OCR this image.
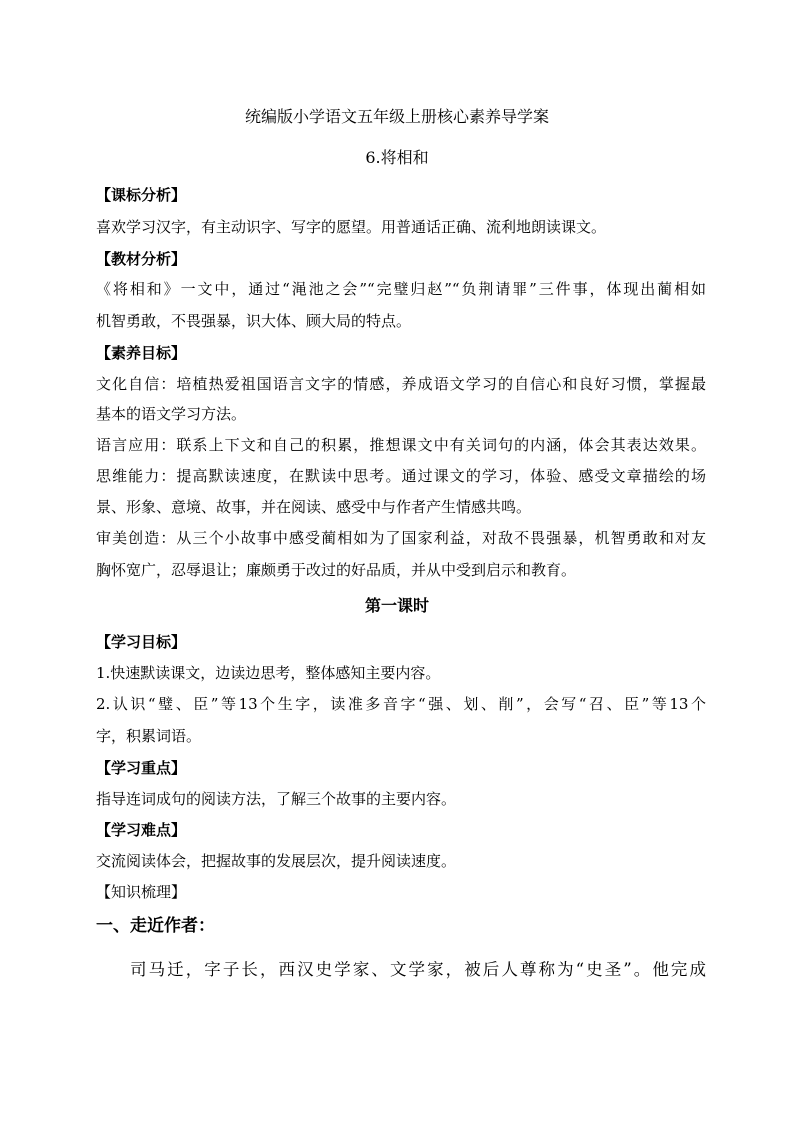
统编版小学语文五年级上册核心素养导学案
6.将相和
【课标分析】
喜欢学习汉字，有主动识字、写字的愿望。用普通话正确、流利地朗读课文。
【教材分析】
《将相和》一文中，通过“渑池之会”“完璧归赵”“负荆请罪”三件事，体现出蔺相如
机智勇敢，不畏强暴，识大体、顾大局的特点。
【素养目标】
文化自信：培植热爱祖国语言文字的情感，养成语文学习的自信心和良好习惯，掌握最
基本的语文学习方法。
语言应用：联系上下文和自己的积累，推想课文中有关词句的内涵，体会其表达效果。
思维能力：提高默读速度，在默读中思考。通过课文的学习，体验、感受文章描绘的场
景、形象、意境、故事，并在阅读、感受中与作者产生情感共鸣。
审美创造：从三个小故事中感受蔺相如为了国家利益，对敌不畏强暴，机智勇敢和对友
胸怀宽广，忍辱退让；廉颇勇于改过的好品质，并从中受到启示和教育。
第一课时
【学习目标】
1.快速默读课文，边读边思考，整体感知主要内容。
2.认识“璧、臣”等13个生字，读准多音字“强、划、削”，会写“召、臣”等13个
字，积累词语。
【学习重点】
指导连词成句的阅读方法，了解三个故事的主要内容。
【学习难点】
交流阅读体会，把握故事的发展层次，提升阅读速度。
【知识梳理】
一、走近作者：
司马迁，字子长，西汉史学家、文学家，被后人尊称为“史圣”。他完成
